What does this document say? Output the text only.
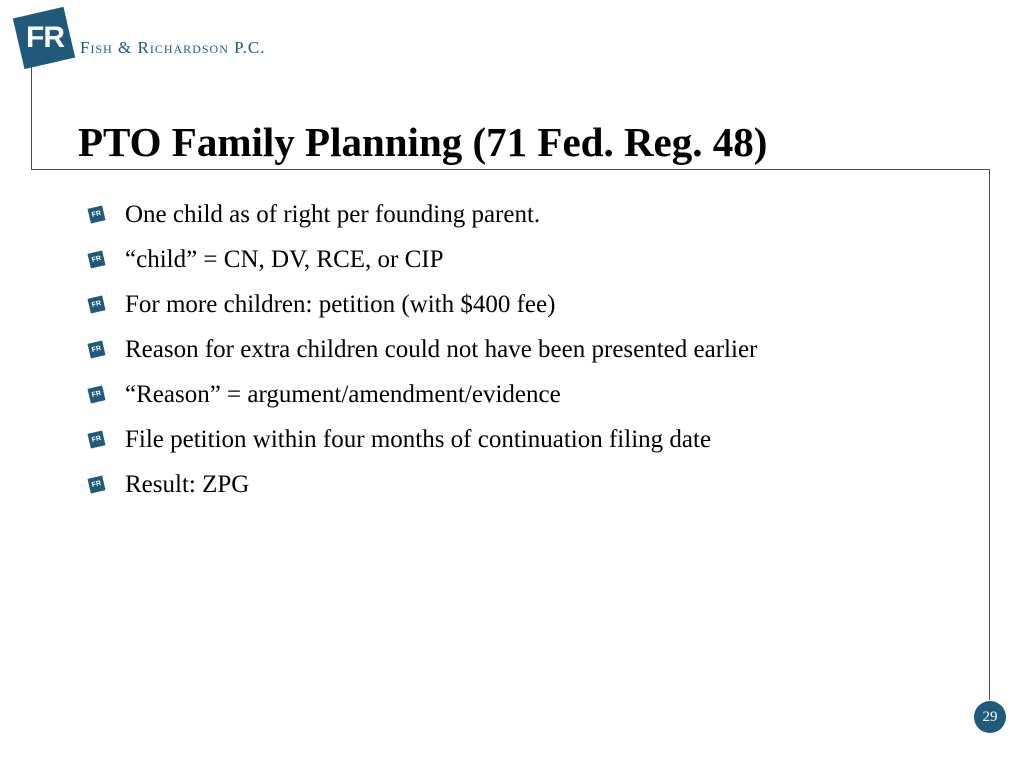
FR Fish & Richardson P.C.
PTO Family Planning (71 Fed. Reg. 48)
FR One child as of right per founding parent.
FR “child” = CN, DV, RCE, or CIP
FR For more children: petition (with $400 fee)
FR Reason for extra children could not have been presented earlier
FR “Reason” = argument/amendment/evidence
FR File petition within four months of continuation filing date
FR Result: ZPG
29
